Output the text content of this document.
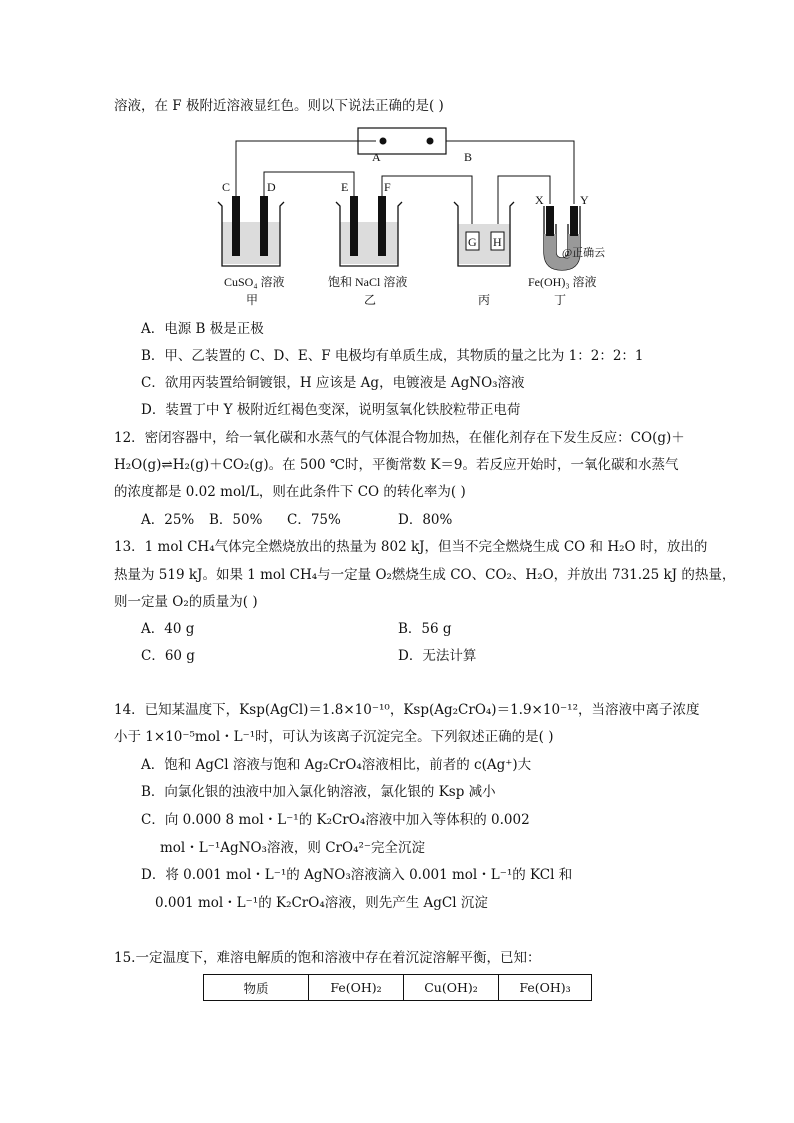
溶液，在 F 极附近溶液显红色。则以下说法正确的是( )
A	B
C	D	E	F
X	Y
G H
@正确云
CuSO₄ 溶液
甲
饱和 NaCl 溶液
乙	丙
Fe(OH)₃ 溶液
丁
A．电源 B 极是正极
B．甲、乙装置的 C、D、E、F 电极均有单质生成，其物质的量之比为 1：2：2：1
C．欲用丙装置给铜镀银，H 应该是 Ag，电镀液是 AgNO₃溶液
D．装置丁中 Y 极附近红褐色变深，说明氢氧化铁胶粒带正电荷
12．密闭容器中，给一氧化碳和水蒸气的气体混合物加热，在催化剂存在下发生反应：CO(g)＋
H₂O(g)⇌H₂(g)＋CO₂(g)。在 500 ℃时，平衡常数 K＝9。若反应开始时，一氧化碳和水蒸气
的浓度都是 0.02 mol/L，则在此条件下 CO 的转化率为( )
A．25% B．50% C．75%	D．80%
13．1 mol CH₄气体完全燃烧放出的热量为 802 kJ，但当不完全燃烧生成 CO 和 H₂O 时，放出的
热量为 519 kJ。如果 1 mol CH₄与一定量 O₂燃烧生成 CO、CO₂、H₂O，并放出 731.25 kJ 的热量，
则一定量 O₂的质量为( )
A．40 g	B．56 g
C．60 g	D．无法计算
14．已知某温度下，Ksp(AgCl)＝1.8×10⁻¹⁰，Ksp(Ag₂CrO₄)＝1.9×10⁻¹²，当溶液中离子浓度
小于 1×10⁻⁵mol・L⁻¹时，可认为该离子沉淀完全。下列叙述正确的是( )
A．饱和 AgCl 溶液与饱和 Ag₂CrO₄溶液相比，前者的 c(Ag⁺)大
B．向氯化银的浊液中加入氯化钠溶液，氯化银的 Ksp 减小
C．向 0.000 8 mol・L⁻¹的 K₂CrO₄溶液中加入等体积的 0.002
mol・L⁻¹AgNO₃溶液，则 CrO₄²⁻完全沉淀
D．将 0.001 mol・L⁻¹的 AgNO₃溶液滴入 0.001 mol・L⁻¹的 KCl 和
0.001 mol・L⁻¹的 K₂CrO₄溶液，则先产生 AgCl 沉淀
15.一定温度下，难溶电解质的饱和溶液中存在着沉淀溶解平衡，已知：
物质	Fe(OH)₂	Cu(OH)₂	Fe(OH)₃
